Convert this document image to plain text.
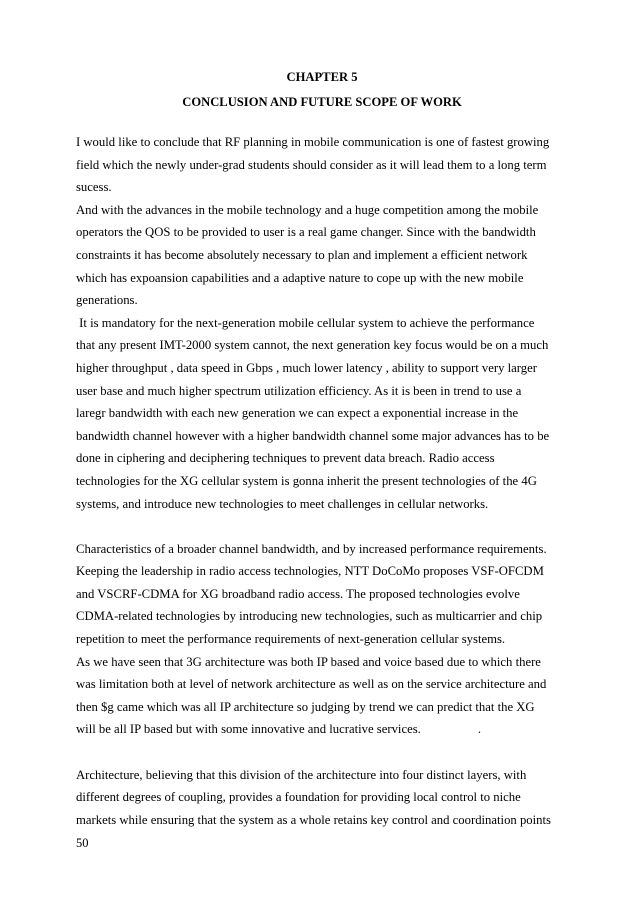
CHAPTER 5
CONCLUSION AND FUTURE SCOPE OF WORK
I would like to conclude that RF planning in mobile communication is one of fastest growing
field which the newly under-grad students should consider as it will lead them to a long term
sucess.
And with the advances in the mobile technology and a huge competition among the mobile
operators the QOS to be provided to user is a real game changer. Since with the bandwidth
constraints it has become absolutely necessary to plan and implement a efficient network
which has expoansion capabilities and a adaptive nature to cope up with the new mobile
generations.
It is mandatory for the next-generation mobile cellular system to achieve the performance
that any present IMT-2000 system cannot, the next generation key focus would be on a much
higher throughput , data speed in Gbps , much lower latency , ability to support very larger
user base and much higher spectrum utilization efficiency. As it is been in trend to use a
laregr bandwidth with each new generation we can expect a exponential increase in the
bandwidth channel however with a higher bandwidth channel some major advances has to be
done in ciphering and deciphering techniques to prevent data breach. Radio access
technologies for the XG cellular system is gonna inherit the present technologies of the 4G
systems, and introduce new technologies to meet challenges in cellular networks.
Characteristics of a broader channel bandwidth, and by increased performance requirements.
Keeping the leadership in radio access technologies, NTT DoCoMo proposes VSF-OFCDM
and VSCRF-CDMA for XG broadband radio access. The proposed technologies evolve
CDMA-related technologies by introducing new technologies, such as multicarrier and chip
repetition to meet the performance requirements of next-generation cellular systems.
As we have seen that 3G architecture was both IP based and voice based due to which there
was limitation both at level of network architecture as well as on the service architecture and
then $g came which was all IP architecture so judging by trend we can predict that the XG
will be all IP based but with some innovative and lucrative services.                  .
Architecture, believing that this division of the architecture into four distinct layers, with
different degrees of coupling, provides a foundation for providing local control to niche
markets while ensuring that the system as a whole retains key control and coordination points
50
